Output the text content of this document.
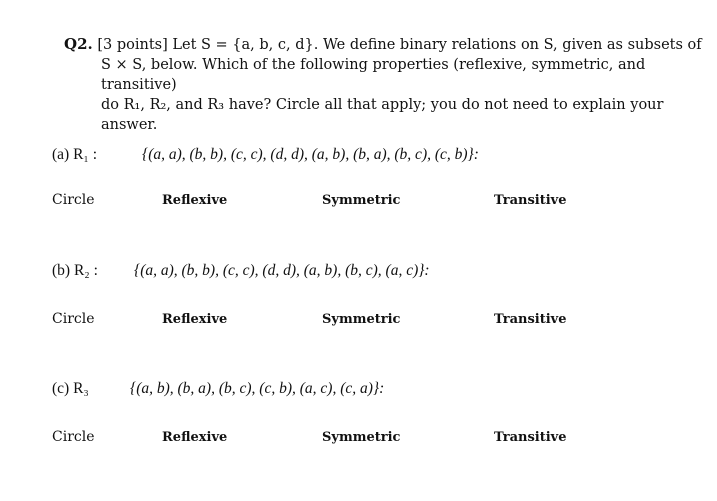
Q2. [3 points] Let S = {a, b, c, d}. We define binary relations on S, given as subsets of
S × S, below. Which of the following properties (reflexive, symmetric, and transitive)
do R₁, R₂, and R₃ have? Circle all that apply; you do not need to explain your answer.
(a) R₁ :	{(a, a), (b, b), (c, c), (d, d), (a, b), (b, a), (b, c), (c, b)}:
Circle	Reflexive	Symmetric	Transitive
(b) R₂ : {(a, a), (b, b), (c, c), (d, d), (a, b), (b, c), (a, c)}:
Circle	Reflexive	Symmetric	Transitive
(c) R₃	{(a, b), (b, a), (b, c), (c, b), (a, c), (c, a)}:
Circle	Reflexive	Symmetric	Transitive
